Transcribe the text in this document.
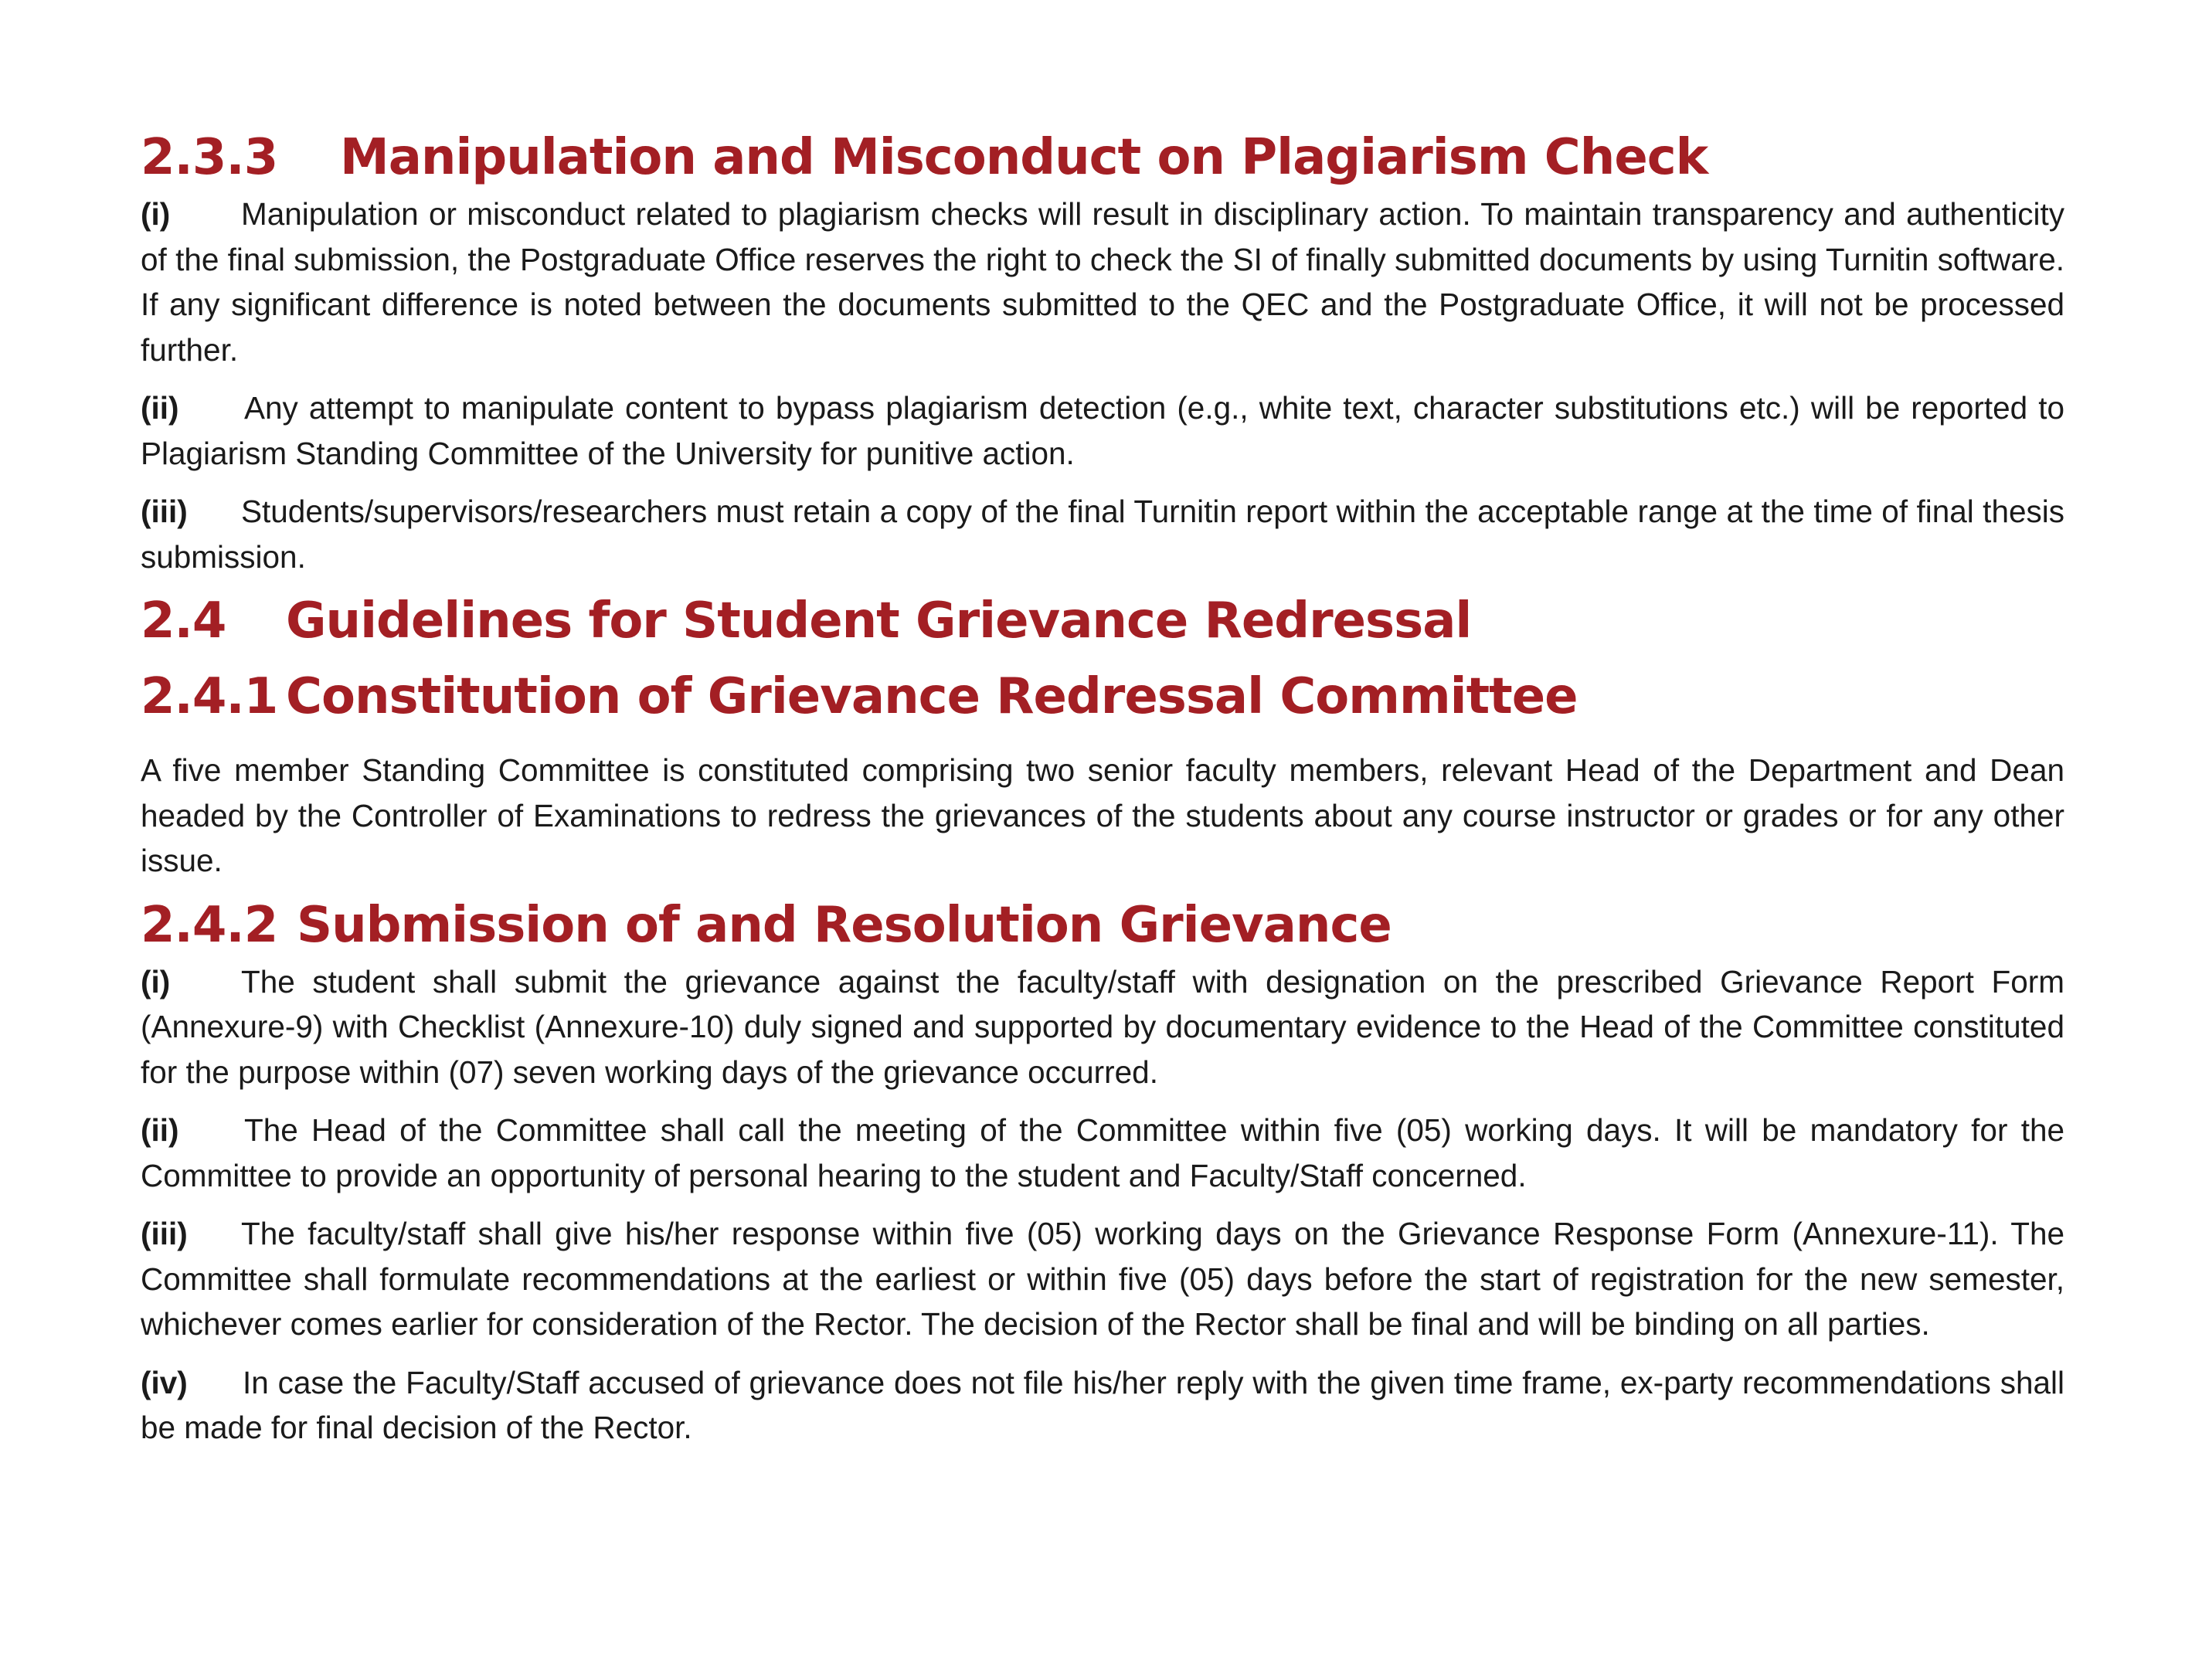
2.3.3	Manipulation and Misconduct on Plagiarism Check

(i) Manipulation or misconduct related to plagiarism checks will result in disciplinary action. To maintain transparency and authenticity of the final submission, the Postgraduate Office reserves the right to check the SI of finally submitted documents by using Turnitin software. If any significant difference is noted between the documents submitted to the QEC and the Postgraduate Office, it will not be processed further.

(ii) Any attempt to manipulate content to bypass plagiarism detection (e.g., white text, character substitutions etc.) will be reported to Plagiarism Standing Committee of the University for punitive action.

(iii) Students/supervisors/researchers must retain a copy of the final Turnitin report within the acceptable range at the time of final thesis submission.

2.4	Guidelines for Student Grievance Redressal
2.4.1 Constitution of Grievance Redressal Committee

A five member Standing Committee is constituted comprising two senior faculty members, relevant Head of the Department and Dean headed by the Controller of Examinations to redress the grievances of the students about any course instructor or grades or for any other issue.

2.4.2 Submission of and Resolution Grievance

(i) The student shall submit the grievance against the faculty/staff with designation on the prescribed Grievance Report Form (Annexure-9) with Checklist (Annexure-10) duly signed and supported by documentary evidence to the Head of the Committee constituted for the purpose within (07) seven working days of the grievance occurred.

(ii) The Head of the Committee shall call the meeting of the Committee within five (05) working days. It will be mandatory for the Committee to provide an opportunity of personal hearing to the student and Faculty/Staff concerned.

(iii) The faculty/staff shall give his/her response within five (05) working days on the Grievance Response Form (Annexure-11). The Committee shall formulate recommendations at the earliest or within five (05) days before the start of registration for the new semester, whichever comes earlier for consideration of the Rector. The decision of the Rector shall be final and will be binding on all parties.

(iv) In case the Faculty/Staff accused of grievance does not file his/her reply with the given time frame, ex-party recommendations shall be made for final decision of the Rector.
